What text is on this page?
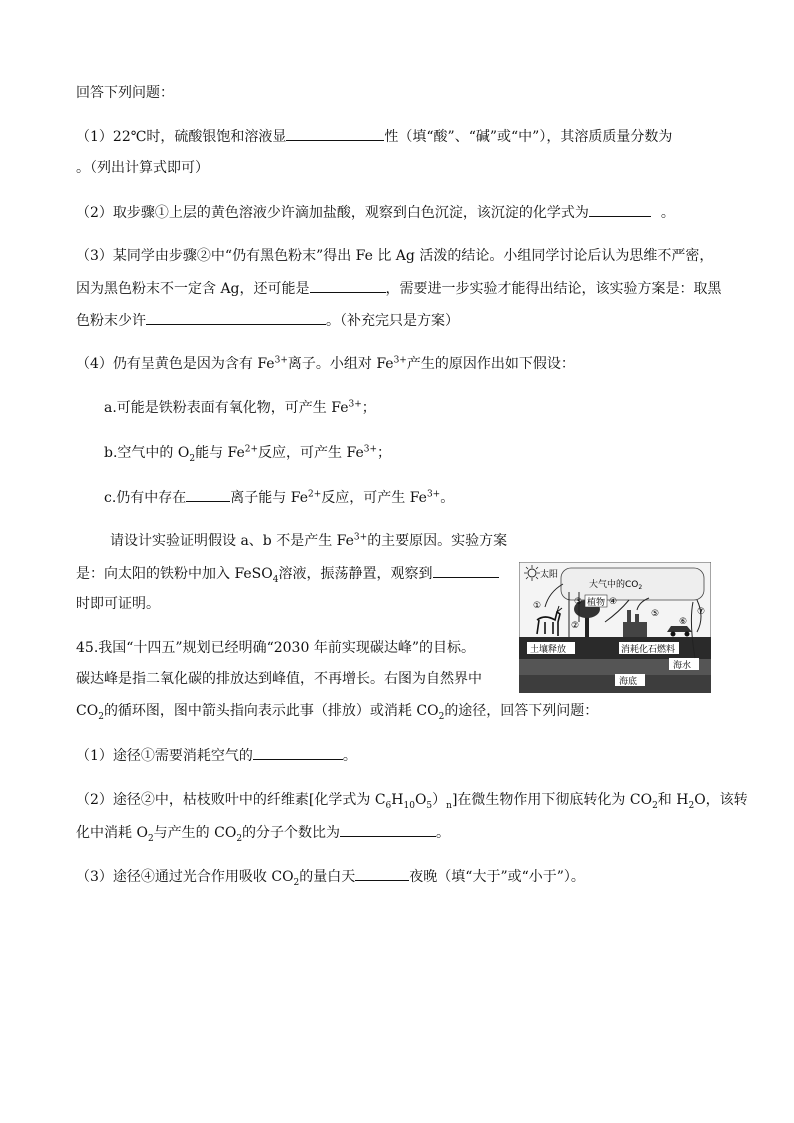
回答下列问题：
（1）22℃时，硫酸银饱和溶液显	性（填“酸”、“碱”或“中”），其溶质质量分数为
。（列出计算式即可）
（2）取步骤①上层的黄色溶液少许滴加盐酸，观察到白色沉淀，该沉淀的化学式为	。
（3）某同学由步骤②中“仍有黑色粉末”得出 Fe 比 Ag 活泼的结论。小组同学讨论后认为思维不严密，
因为黑色粉末不一定含 Ag，还可能是	，需要进一步实验才能得出结论，该实验方案是：取黑
色粉末少许	。（补充完只是方案）
（4）仍有呈黄色是因为含有 $Fe^{3+}$离子。小组对 $Fe^{3+}$产生的原因作出如下假设：
a.可能是铁粉表面有氧化物，可产生 $Fe^{3+}$；
b.空气中的 $O_2$能与 $Fe^{2+}$反应，可产生 $Fe^{3+}$；
c.仍有中存在	离子能与 $Fe^{2+}$反应，可产生 $Fe^{3+}$。
请设计实验证明假设 a、b 不是产生 $Fe^{3+}$的主要原因。实验方案
是：向太阳的铁粉中加入 FeSO$_4$溶液，振荡静置，观察到
时即可证明。
45.我国“十四五”规划已经明确“2030 年前实现碳达峰”的目标。
碳达峰是指二氧化碳的排放达到峰值，不再增长。右图为自然界中
$CO_2$的循环图，图中箭头指向表示此事（排放）或消耗 $CO_2$的途径，回答下列问题：
（1）途径①需要消耗空气的	。
（2）途径②中，枯枝败叶中的纤维素[化学式为 $C_6H_{10}O_5)_n$]在微生物作用下彻底转化为 $CO_2$和 $H_2O$，该转
化中消耗 $O_2$与产生的 $CO_2$的分子个数比为	。
（3）途径④通过光合作用吸收 $CO_2$的量白天	夜晚（填“大于”或“小于”）。
太阳
大气中的$CO_2$
土壤释放	消耗化石燃料
海水
海底
植物
①
②
③	④
⑤
⑥
⑦
